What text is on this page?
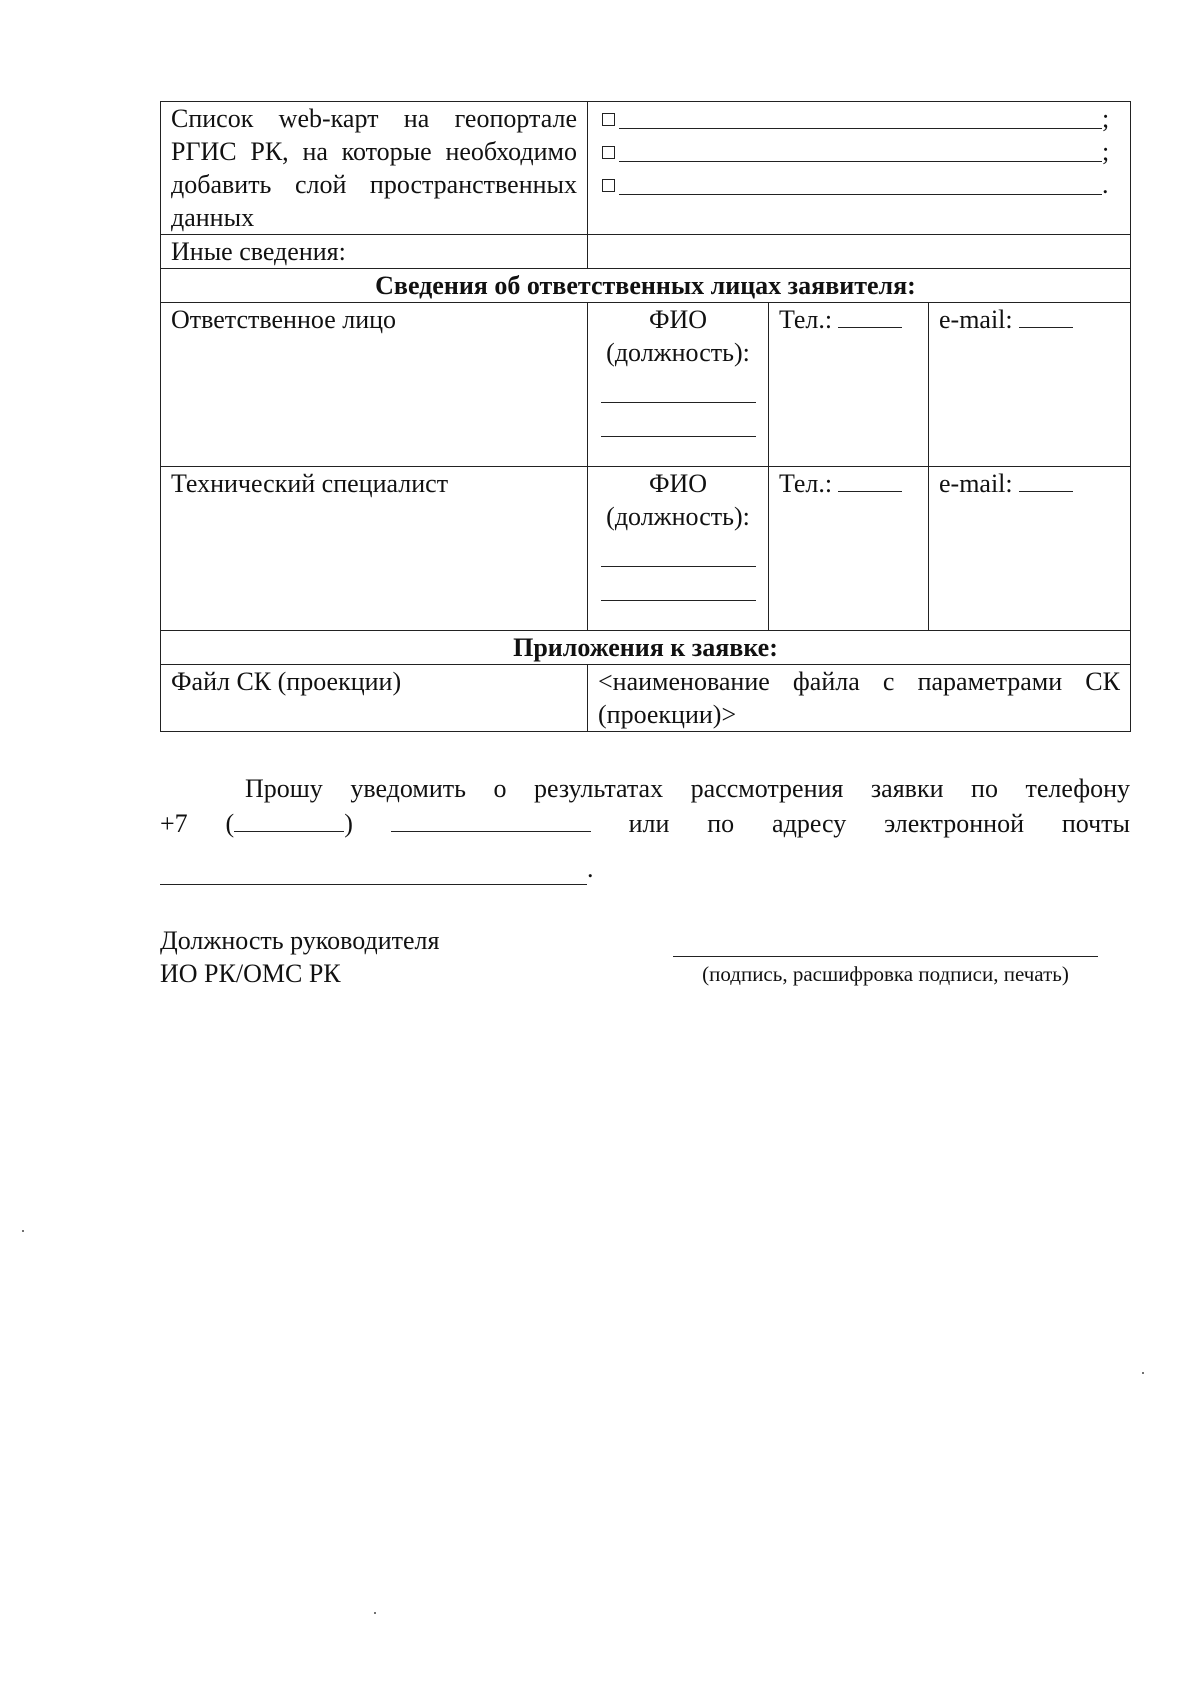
Список web-карт на геопортале РГИС РК, на которые необходимо добавить слой пространственных данных	;
;
.		

Иные сведения:			
Сведения об ответственных лицах заявителя:			
Ответственное лицо	ФИО (должность):	Тел.:	e-mail:
Технический специалист	ФИО (должность):	Тел.:	e-mail:
Приложения к заявке:			
Файл СК (проекции)	<наименование файла с параметрами СК (проекции)>		
Прошу уведомить о результатах рассмотрения заявки по телефону
+7 (	)	или по адресу электронной почты
.
Должность руководителя
ИО РК/ОМС РК	(подпись, расшифровка подписи, печать)
